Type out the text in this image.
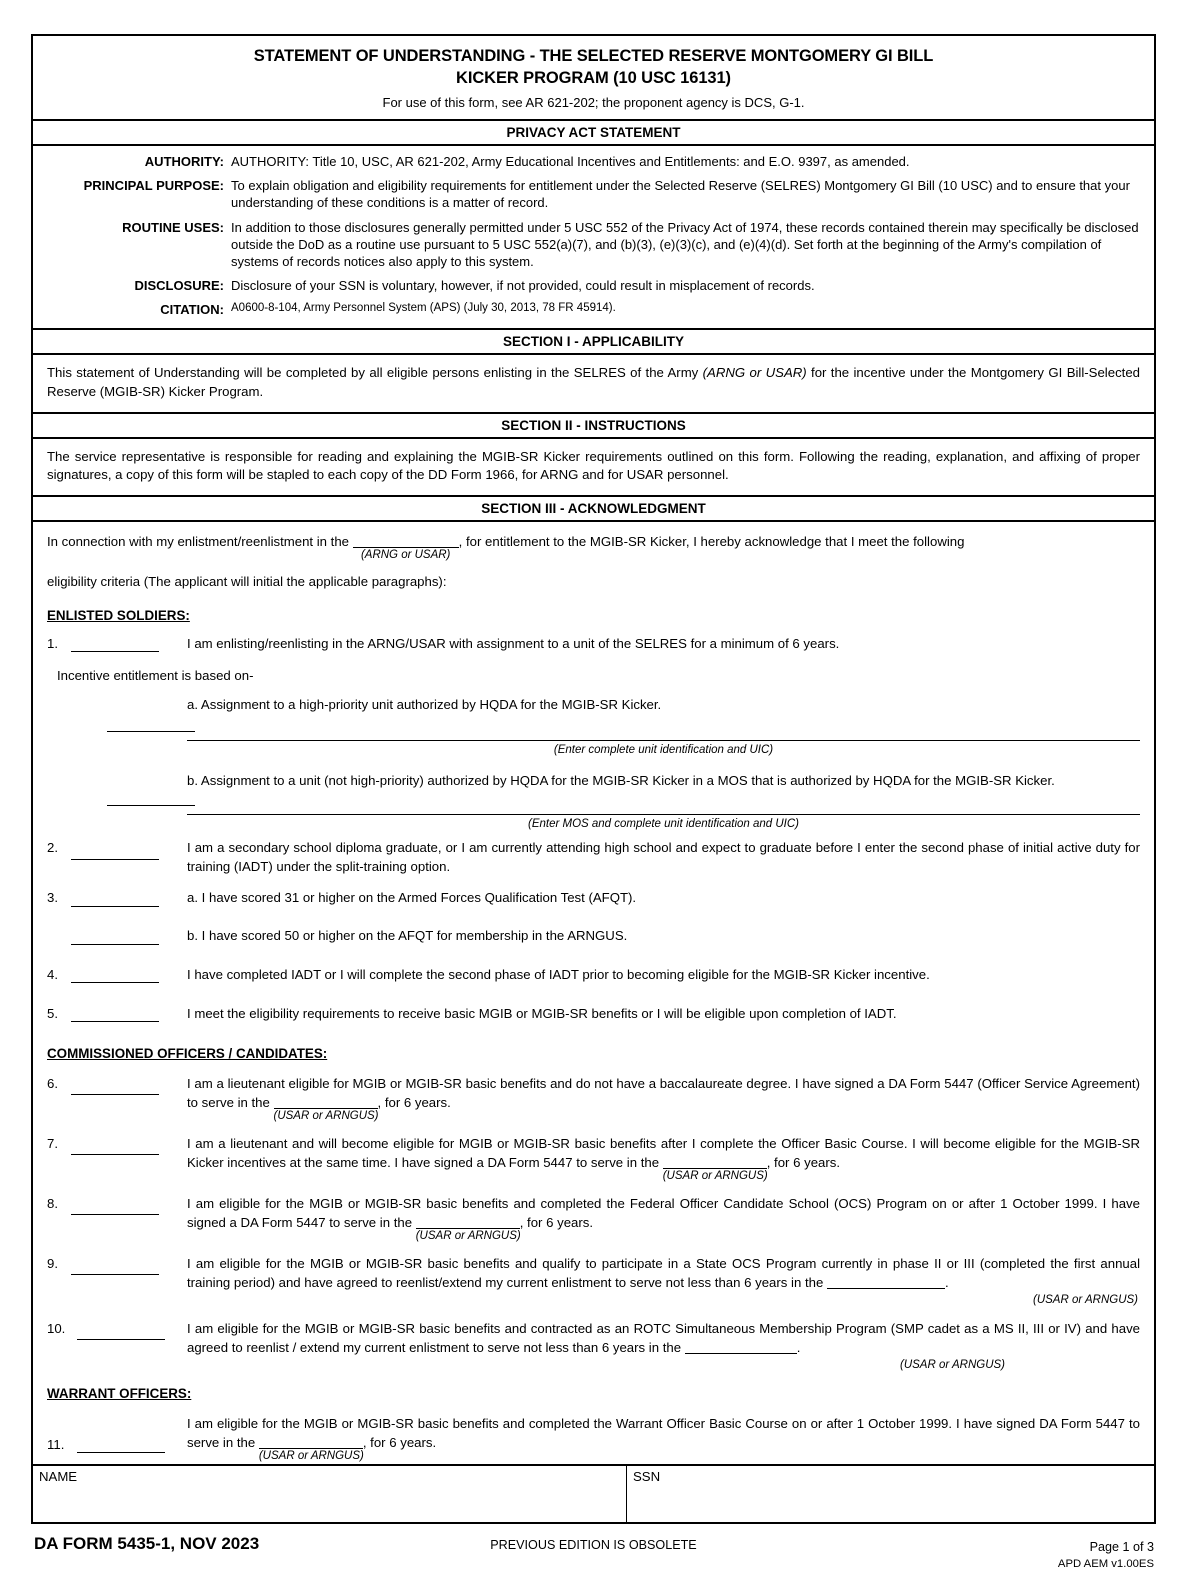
STATEMENT OF UNDERSTANDING - THE SELECTED RESERVE MONTGOMERY GI BILL
KICKER PROGRAM (10 USC 16131)
For use of this form, see AR 621-202; the proponent agency is DCS, G-1.
PRIVACY ACT STATEMENT
AUTHORITY: AUTHORITY: Title 10, USC, AR 621-202, Army Educational Incentives and Entitlements: and E.O. 9397, as amended.
PRINCIPAL PURPOSE: To explain obligation and eligibility requirements for entitlement under the Selected Reserve (SELRES) Montgomery GI Bill (10 USC) and to ensure that your understanding of these conditions is a matter of record.
ROUTINE USES: In addition to those disclosures generally permitted under 5 USC 552 of the Privacy Act of 1974, these records contained therein may specifically be disclosed outside the DoD as a routine use pursuant to 5 USC 552(a)(7), and (b)(3), (e)(3)(c), and (e)(4)(d). Set forth at the beginning of the Army's compilation of systems of records notices also apply to this system.
DISCLOSURE: Disclosure of your SSN is voluntary, however, if not provided, could result in misplacement of records.
CITATION: A0600-8-104, Army Personnel System (APS) (July 30, 2013, 78 FR 45914).
SECTION I - APPLICABILITY

This statement of Understanding will be completed by all eligible persons enlisting in the SELRES of the Army (ARNG or USAR) for the incentive under the Montgomery GI Bill-Selected Reserve (MGIB-SR) Kicker Program.

SECTION II - INSTRUCTIONS

The service representative is responsible for reading and explaining the MGIB-SR Kicker requirements outlined on this form. Following the reading, explanation, and affixing of proper signatures, a copy of this form will be stapled to each copy of the DD Form 1966, for ARNG and for USAR personnel.

SECTION III - ACKNOWLEDGMENT
In connection with my enlistment/reenlistment in the
(ARNG or USAR)
, for entitlement to the MGIB-SR Kicker, I hereby acknowledge that I meet the following
eligibility criteria (The applicant will initial the applicable paragraphs):
ENLISTED SOLDIERS:
1.	I am enlisting/reenlisting in the ARNG/USAR with assignment to a unit of the SELRES for a minimum of 6 years.
Incentive entitlement is based on-
a. Assignment to a high-priority unit authorized by HQDA for the MGIB-SR Kicker.
(Enter complete unit identification and UIC)
b. Assignment to a unit (not high-priority) authorized by HQDA for the MGIB-SR Kicker in a MOS that is authorized by HQDA for the MGIB-SR Kicker.
(Enter MOS and complete unit identification and UIC)
2.	I am a secondary school diploma graduate, or I am currently attending high school and expect to graduate before I enter the second phase of initial active duty for training (IADT) under the split-training option.
3.	a. I have scored 31 or higher on the Armed Forces Qualification Test (AFQT).
b. I have scored 50 or higher on the AFQT for membership in the ARNGUS.
4.	I have completed IADT or I will complete the second phase of IADT prior to becoming eligible for the MGIB-SR Kicker incentive.
5.	I meet the eligibility requirements to receive basic MGIB or MGIB-SR benefits or I will be eligible upon completion of IADT.
COMMISSIONED OFFICERS / CANDIDATES:
6.	I am a lieutenant eligible for MGIB or MGIB-SR basic benefits and do not have a baccalaureate degree. I have signed a DA Form 5447 (Officer Service Agreement) to serve in the
(USAR or ARNGUS)
, for 6 years.
7.	I am a lieutenant and will become eligible for MGIB or MGIB-SR basic benefits after I complete the Officer Basic Course. I will become eligible for the MGIB-SR Kicker incentives at the same time. I have signed a DA Form 5447 to serve in the
(USAR or ARNGUS)
, for 6 years.
8.	I am eligible for the MGIB or MGIB-SR basic benefits and completed the Federal Officer Candidate School (OCS) Program on or after 1 October 1999. I have signed a DA Form 5447 to serve in the
(USAR or ARNGUS)
, for 6 years.
9.	I am eligible for the MGIB or MGIB-SR basic benefits and qualify to participate in a State OCS Program currently in phase II or III (completed the first annual training period) and have agreed to reenlist/extend my current enlistment to serve not less than 6 years in the	.
(USAR or ARNGUS)
10.	I am eligible for the MGIB or MGIB-SR basic benefits and contracted as an ROTC Simultaneous Membership Program (SMP cadet as a MS II, III or IV) and have agreed to reenlist / extend my current enlistment to serve not less than 6 years in the	.
(USAR or ARNGUS)
WARRANT OFFICERS:
11.
I am eligible for the MGIB or MGIB-SR basic benefits and completed the Warrant Officer Basic Course on or after 1 October 1999. I have signed DA Form 5447 to serve in the
(USAR or ARNGUS)
, for 6 years.
NAME	SSN
DA FORM 5435-1, NOV 2023	PREVIOUS EDITION IS OBSOLETE	Page 1 of 3
APD AEM v1.00ES
